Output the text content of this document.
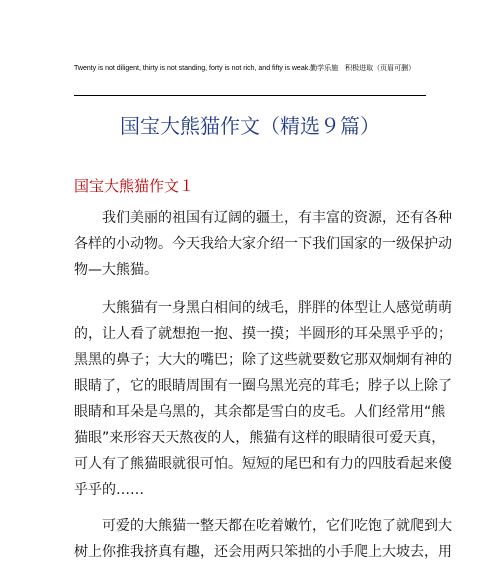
Twenty is not diligent, thirty is not standing, forty is not rich, and fifty is weak.勤学乐施　积极进取（页眉可删）
国宝大熊猫作文（精选９篇）
国宝大熊猫作文１
　　我们美丽的祖国有辽阔的疆土，有丰富的资源，还有各种
各样的小动物。今天我给大家介绍一下我们国家的一级保护动
物—大熊猫。
　　大熊猫有一身黑白相间的绒毛，胖胖的体型让人感觉萌萌
的，让人看了就想抱一抱、摸一摸；半圆形的耳朵黑乎乎的；
黑黑的鼻子；大大的嘴巴；除了这些就要数它那双炯炯有神的
眼睛了，它的眼睛周围有一圈乌黑光亮的茸毛；脖子以上除了
眼睛和耳朵是乌黑的，其余都是雪白的皮毛。人们经常用“熊
猫眼”来形容天天熬夜的人，熊猫有这样的眼睛很可爱天真，
可人有了熊猫眼就很可怕。短短的尾巴和有力的四肢看起来傻
乎乎的……
　　可爱的大熊猫一整天都在吃着嫩竹，它们吃饱了就爬到大
树上你推我挤真有趣，还会用两只笨拙的小手爬上大坡去，用
